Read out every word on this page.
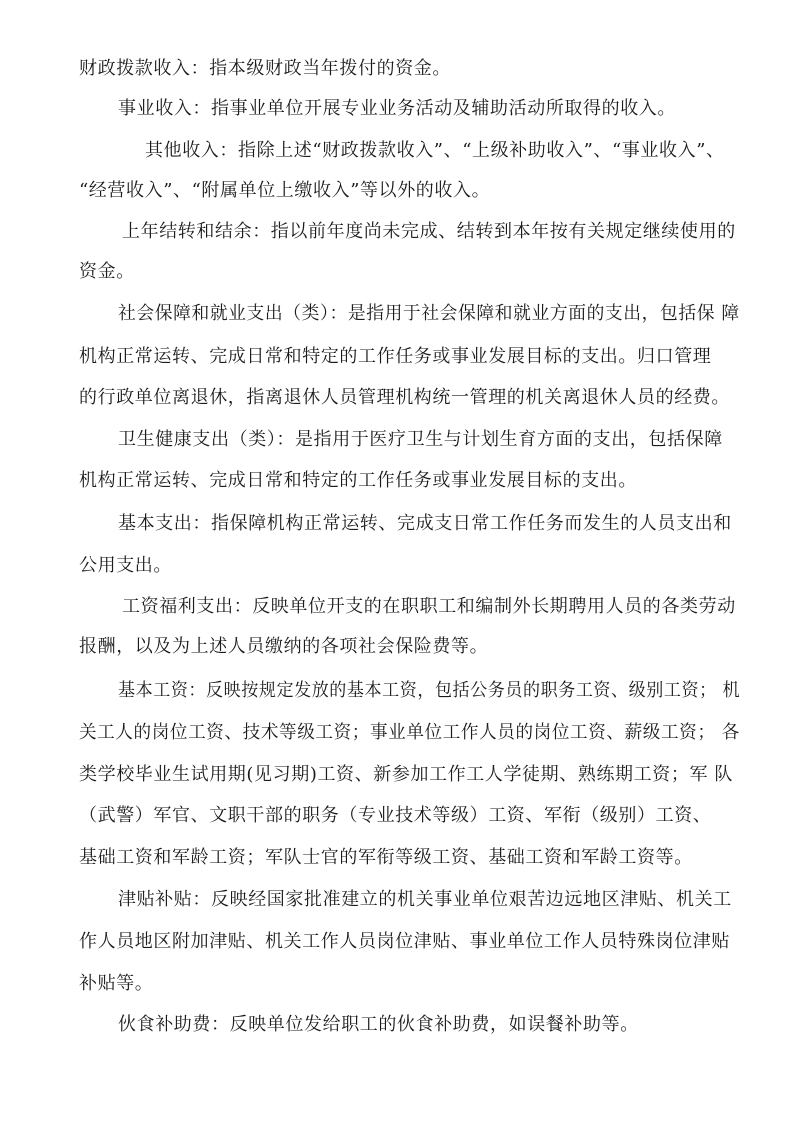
财政拨款收入：指本级财政当年拨付的资金。
事业收入：指事业单位开展专业业务活动及辅助活动所取得的收入。
其他收入：指除上述“财政拨款收入”、“上级补助收入”、“事业收入”、
“经营收入”、“附属单位上缴收入”等以外的收入。
上年结转和结余：指以前年度尚未完成、结转到本年按有关规定继续使用的
资金。
社会保障和就业支出（类）：是指用于社会保障和就业方面的支出，包括保 障
机构正常运转、完成日常和特定的工作任务或事业发展目标的支出。归口管理
的行政单位离退休，指离退休人员管理机构统一管理的机关离退休人员的经费。
卫生健康支出（类）：是指用于医疗卫生与计划生育方面的支出，包括保障
机构正常运转、完成日常和特定的工作任务或事业发展目标的支出。
基本支出：指保障机构正常运转、完成支日常工作任务而发生的人员支出和
公用支出。
工资福利支出：反映单位开支的在职职工和编制外长期聘用人员的各类劳动
报酬，以及为上述人员缴纳的各项社会保险费等。
基本工资：反映按规定发放的基本工资，包括公务员的职务工资、级别工资； 机
关工人的岗位工资、技术等级工资；事业单位工作人员的岗位工资、薪级工资； 各
类学校毕业生试用期(见习期)工资、新参加工作工人学徒期、熟练期工资；军 队
（武警）军官、文职干部的职务（专业技术等级）工资、军衔（级别）工资、
基础工资和军龄工资；军队士官的军衔等级工资、基础工资和军龄工资等。
津贴补贴：反映经国家批准建立的机关事业单位艰苦边远地区津贴、机关工
作人员地区附加津贴、机关工作人员岗位津贴、事业单位工作人员特殊岗位津贴
补贴等。
伙食补助费：反映单位发给职工的伙食补助费，如误餐补助等。
